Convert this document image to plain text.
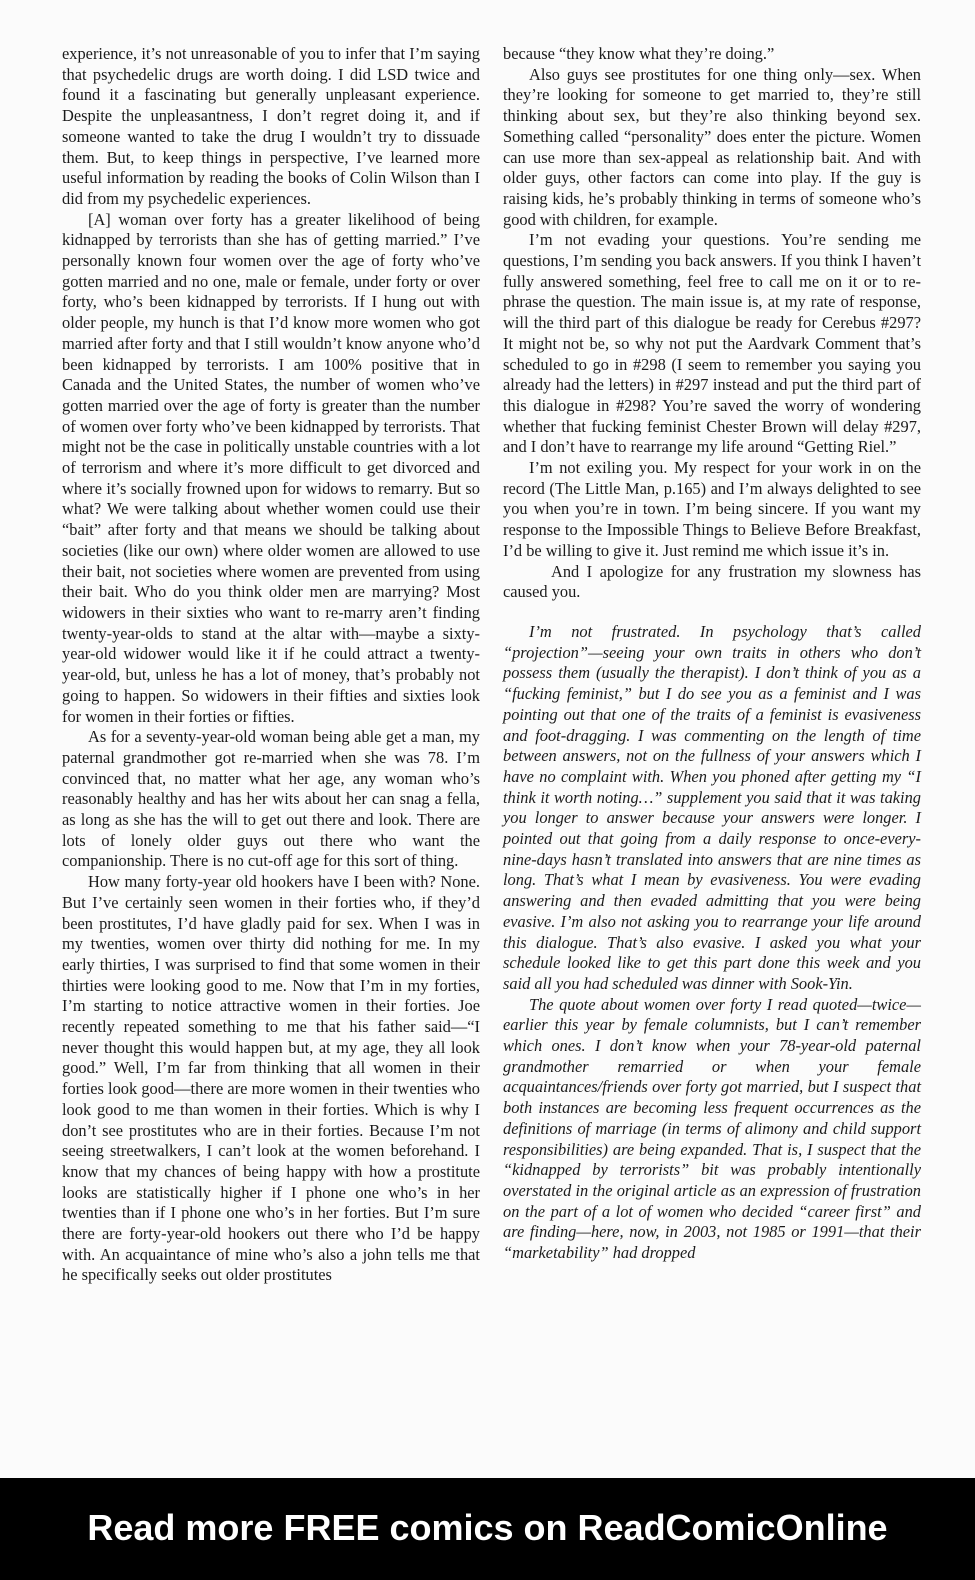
experience, it’s not unreasonable of you to infer that I’m saying that psychedelic drugs are worth doing. I did LSD twice and found it a fascinating but generally unpleasant experience. Despite the unpleasantness, I don’t regret doing it, and if someone wanted to take the drug I wouldn’t try to dissuade them. But, to keep things in perspective, I’ve learned more useful information by reading the books of Colin Wilson than I did from my psychedelic experiences.

[A] woman over forty has a greater likelihood of being kidnapped by terrorists than she has of getting married.” I’ve personally known four women over the age of forty who’ve gotten married and no one, male or female, under forty or over forty, who’s been kidnapped by terrorists. If I hung out with older people, my hunch is that I’d know more women who got married after forty and that I still wouldn’t know anyone who’d been kidnapped by terrorists. I am 100% positive that in Canada and the United States, the number of women who’ve gotten married over the age of forty is greater than the number of women over forty who’ve been kidnapped by terrorists. That might not be the case in politically unstable countries with a lot of terrorism and where it’s more difficult to get divorced and where it’s socially frowned upon for widows to remarry. But so what? We were talking about whether women could use their “bait” after forty and that means we should be talking about societies (like our own) where older women are allowed to use their bait, not societies where women are prevented from using their bait. Who do you think older men are marrying? Most widowers in their sixties who want to re-marry aren’t finding twenty-year-olds to stand at the altar with—maybe a sixty-year-old widower would like it if he could attract a twenty-year-old, but, unless he has a lot of money, that’s probably not going to happen. So widowers in their fifties and sixties look for women in their forties or fifties.

As for a seventy-year-old woman being able get a man, my paternal grandmother got re-married when she was 78. I’m convinced that, no matter what her age, any woman who’s reasonably healthy and has her wits about her can snag a fella, as long as she has the will to get out there and look. There are lots of lonely older guys out there who want the companionship. There is no cut-off age for this sort of thing.

How many forty-year old hookers have I been with? None. But I’ve certainly seen women in their forties who, if they’d been prostitutes, I’d have gladly paid for sex. When I was in my twenties, women over thirty did nothing for me. In my early thirties, I was surprised to find that some women in their thirties were looking good to me. Now that I’m in my forties, I’m starting to notice attractive women in their forties. Joe recently repeated something to me that his father said—“I never thought this would happen but, at my age, they all look good.” Well, I’m far from thinking that all women in their forties look good—there are more women in their twenties who look good to me than women in their forties. Which is why I don’t see prostitutes who are in their forties. Because I’m not seeing streetwalkers, I can’t look at the women beforehand. I know that my chances of being happy with how a prostitute looks are statistically higher if I phone one who’s in her twenties than if I phone one who’s in her forties. But I’m sure there are forty-year-old hookers out there who I’d be happy with. An acquaintance of mine who’s also a john tells me that he specifically seeks out older prostitutes

because “they know what they’re doing.”

Also guys see prostitutes for one thing only—sex. When they’re looking for someone to get married to, they’re still thinking about sex, but they’re also thinking beyond sex. Something called “personality” does enter the picture. Women can use more than sex-appeal as relationship bait. And with older guys, other factors can come into play. If the guy is raising kids, he’s probably thinking in terms of someone who’s good with children, for example.

I’m not evading your questions. You’re sending me questions, I’m sending you back answers. If you think I haven’t fully answered something, feel free to call me on it or to re-phrase the question. The main issue is, at my rate of response, will the third part of this dialogue be ready for Cerebus #297? It might not be, so why not put the Aardvark Comment that’s scheduled to go in #298 (I seem to remember you saying you already had the letters) in #297 instead and put the third part of this dialogue in #298? You’re saved the worry of wondering whether that fucking feminist Chester Brown will delay #297, and I don’t have to rearrange my life around “Getting Riel.”

I’m not exiling you. My respect for your work in on the record (The Little Man, p.165) and I’m always delighted to see you when you’re in town. I’m being sincere. If you want my response to the Impossible Things to Believe Before Breakfast, I’d be willing to give it. Just remind me which issue it’s in.

And I apologize for any frustration my slowness has caused you.

I’m not frustrated. In psychology that’s called “projection”—seeing your own traits in others who don’t possess them (usually the therapist). I don’t think of you as a “fucking feminist,” but I do see you as a feminist and I was pointing out that one of the traits of a feminist is evasiveness and foot-dragging. I was commenting on the length of time between answers, not on the fullness of your answers which I have no complaint with. When you phoned after getting my “I think it worth noting…” supplement you said that it was taking you longer to answer because your answers were longer. I pointed out that going from a daily response to once-every-nine-days hasn’t translated into answers that are nine times as long. That’s what I mean by evasiveness. You were evading answering and then evaded admitting that you were being evasive. I’m also not asking you to rearrange your life around this dialogue. That’s also evasive. I asked you what your schedule looked like to get this part done this week and you said all you had scheduled was dinner with Sook-Yin.

The quote about women over forty I read quoted—twice—earlier this year by female columnists, but I can’t remember which ones. I don’t know when your 78-year-old paternal grandmother remarried or when your female acquaintances/friends over forty got married, but I suspect that both instances are becoming less frequent occurrences as the definitions of marriage (in terms of alimony and child support responsibilities) are being expanded. That is, I suspect that the “kidnapped by terrorists” bit was probably intentionally overstated in the original article as an expression of frustration on the part of a lot of women who decided “career first” and are finding—here, now, in 2003, not 1985 or 1991—that their “marketability” had dropped

Read more FREE comics on ReadComicOnline
